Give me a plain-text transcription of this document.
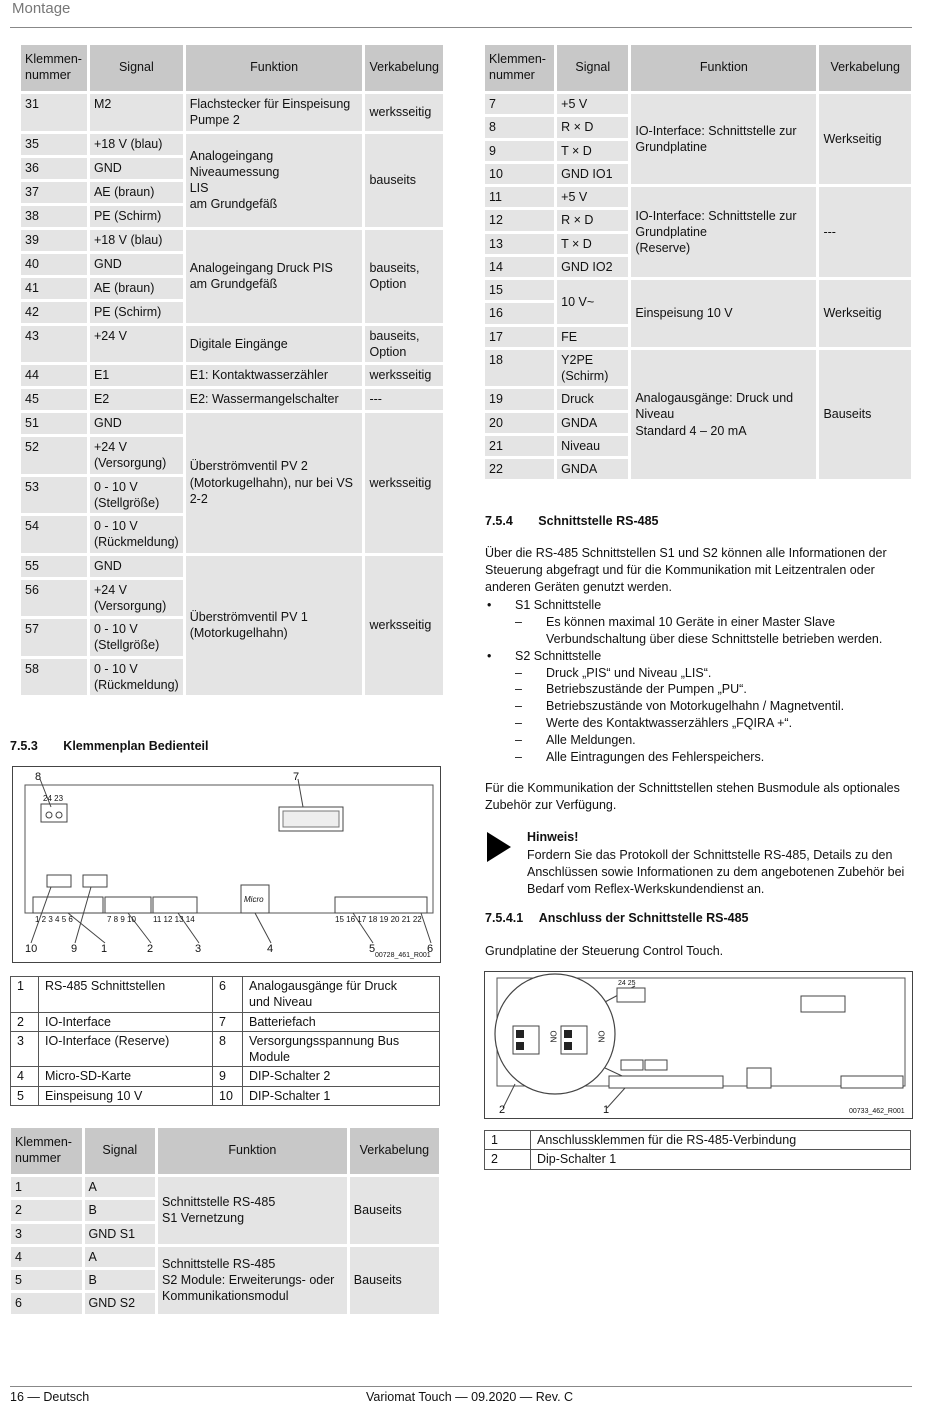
Montage
Klemmen-
nummer	Signal	Funktion	Verkabelung
31	M2	Flachstecker für Einspeisung
Pumpe 2	werksseitig
35	+18 V (blau)	Analogeingang Niveaumessung
LIS
am Grundgefäß	bauseits
36	GND		
37	AE (braun)		
38	PE (Schirm)		
39	+18 V (blau)	Analogeingang Druck PIS
am Grundgefäß	bauseits,
Option
40	GND		
41	AE (braun)		
42	PE (Schirm)		
43	+24 V	Digitale Eingänge	bauseits,
Option
44	E1	E1: Kontaktwasserzähler	werksseitig
45	E2	E2: Wassermangelschalter	---
51	GND	Überströmventil PV 2
(Motorkugelhahn), nur bei VS
2-2	werksseitig
52	+24 V
(Versorgung)		
53	0 - 10 V
(Stellgröße)		
54	0 - 10 V
(Rückmeldung)		
55	GND	Überströmventil PV 1
(Motorkugelhahn)	werksseitig
56	+24 V
(Versorgung)		
57	0 - 10 V
(Stellgröße)		
58	0 - 10 V
(Rückmeldung)		
Klemmen-
nummer	Signal	Funktion	Verkabelung
7	+5 V	IO-Interface: Schnittstelle zur
Grundplatine	Werkseitig
8	R × D		
9	T × D		
10	GND IO1		
11	+5 V	IO-Interface: Schnittstelle zur
Grundplatine
(Reserve)	---
12	R × D		
13	T × D		
14	GND IO2		
15	10 V~	Einspeisung 10 V	Werkseitig
16			
17	FE		
18	Y2PE
(Schirm)	Analogausgänge: Druck und
Niveau
Standard 4 – 20 mA	Bauseits
19	Druck		
20	GNDA		
21	Niveau		
22	GNDA		
7.5.3 Klemmenplan Bedienteil
8	7
24 23
1 2 3 4 5 6	7 8 9 10 11 12 13 14	15 16 17 18 19 20 21 22
Micro
10	9 1	2	3	4	5	6
00728_461_R001
1	RS-485 Schnittstellen	6	Analogausgänge für Druck
und Niveau
2	IO-Interface	7	Batteriefach
3	IO-Interface (Reserve)	8	Versorgungsspannung Bus
Module
4	Micro-SD-Karte	9	DIP-Schalter 2
5	Einspeisung 10 V	10	DIP-Schalter 1
Klemmen-
nummer	Signal	Funktion	Verkabelung
1	A	Schnittstelle RS-485
S1 Vernetzung	Bauseits
2	B		
3	GND S1		
4	A	Schnittstelle RS-485
S2 Module: Erweiterungs- oder
Kommunikationsmodul	Bauseits
5	B		
6	GND S2		
7.5.4 Schnittstelle RS-485
Über die RS-485 Schnittstellen S1 und S2 können alle Informationen der Steuerung abgefragt und für die Kommunikation mit Leitzentralen oder anderen Geräten genutzt werden.
• S1 Schnittstelle
– Es können maximal 10 Geräte in einer Master Slave Verbundschaltung über diese Schnittstelle betrieben werden.
• S2 Schnittstelle
– Druck „PIS“ und Niveau „LIS“.
– Betriebszustände der Pumpen „PU“.
– Betriebszustände von Motorkugelhahn / Magnetventil.
– Werte des Kontaktwasserzählers „FQIRA +“.
– Alle Meldungen.
– Alle Eintragungen des Fehlerspeichers.
Für die Kommunikation der Schnittstellen stehen Busmodule als optionales Zubehör zur Verfügung.
Hinweis!
Fordern Sie das Protokoll der Schnittstelle RS-485, Details zu den Anschlüssen sowie Informationen zu dem angebotenen Zubehör bei Bedarf vom Reflex-Werkskundendienst an.
7.5.4.1 Anschluss der Schnittstelle RS-485
Grundplatine der Steuerung Control Touch.
ON	ON
24 25
2	1	00733_462_R001
1	Anschlussklemmen für die RS-485-Verbindung
2	Dip-Schalter 1
16 — Deutsch	Variomat Touch — 09.2020 — Rev. C
